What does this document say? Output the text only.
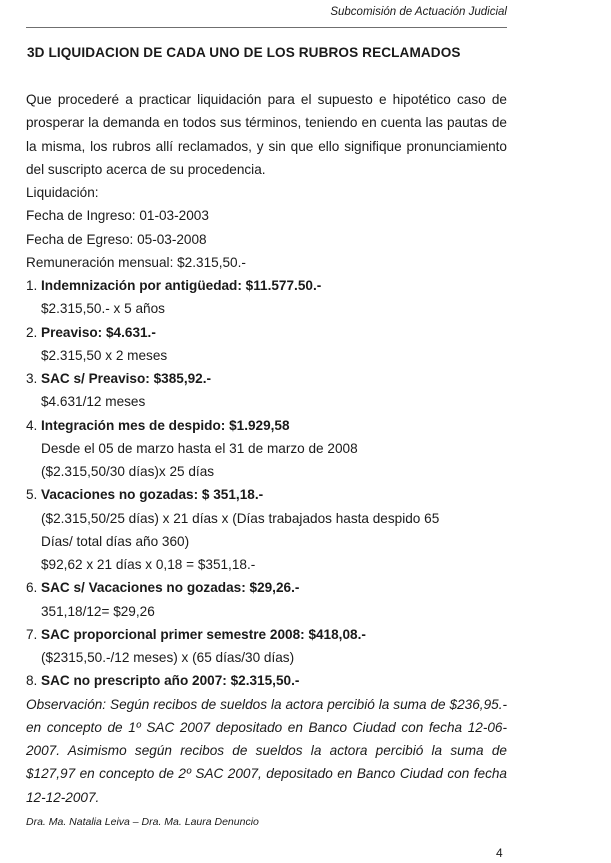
Subcomisión de Actuación Judicial
3D LIQUIDACION DE CADA UNO DE LOS RUBROS RECLAMADOS
Que procederé a practicar liquidación para el supuesto e hipotético caso de
prosperar la demanda en todos sus términos, teniendo en cuenta las pautas de
la misma, los rubros allí reclamados, y sin que ello signifique pronunciamiento
del suscripto acerca de su procedencia.
Liquidación:
Fecha de Ingreso: 01-03-2003
Fecha de Egreso: 05-03-2008
Remuneración mensual: $2.315,50.-
1. Indemnización por antigüedad: $11.577.50.-
$2.315,50.- x 5 años
2. Preaviso: $4.631.-
$2.315,50 x 2 meses
3. SAC s/ Preaviso: $385,92.-
$4.631/12 meses
4. Integración mes de despido: $1.929,58
Desde el 05 de marzo hasta el 31 de marzo de 2008
($2.315,50/30 días)x 25 días
5. Vacaciones no gozadas: $ 351,18.-
($2.315,50/25 días) x 21 días x (Días trabajados hasta despido 65
Días/ total días año 360)
$92,62 x 21 días x 0,18 = $351,18.-
6. SAC s/ Vacaciones no gozadas: $29,26.-
351,18/12= $29,26
7. SAC proporcional primer semestre 2008: $418,08.-
($2315,50.-/12 meses) x (65 días/30 días)
8. SAC no prescripto año 2007: $2.315,50.-
Observación: Según recibos de sueldos la actora percibió la suma de $236,95.-
en concepto de 1º SAC 2007 depositado en Banco Ciudad con fecha 12-06-
2007. Asimismo según recibos de sueldos la actora percibió la suma de
$127,97 en concepto de 2º SAC 2007, depositado en Banco Ciudad con fecha
12-12-2007.
Dra. Ma. Natalia Leiva – Dra. Ma. Laura Denuncio
4
